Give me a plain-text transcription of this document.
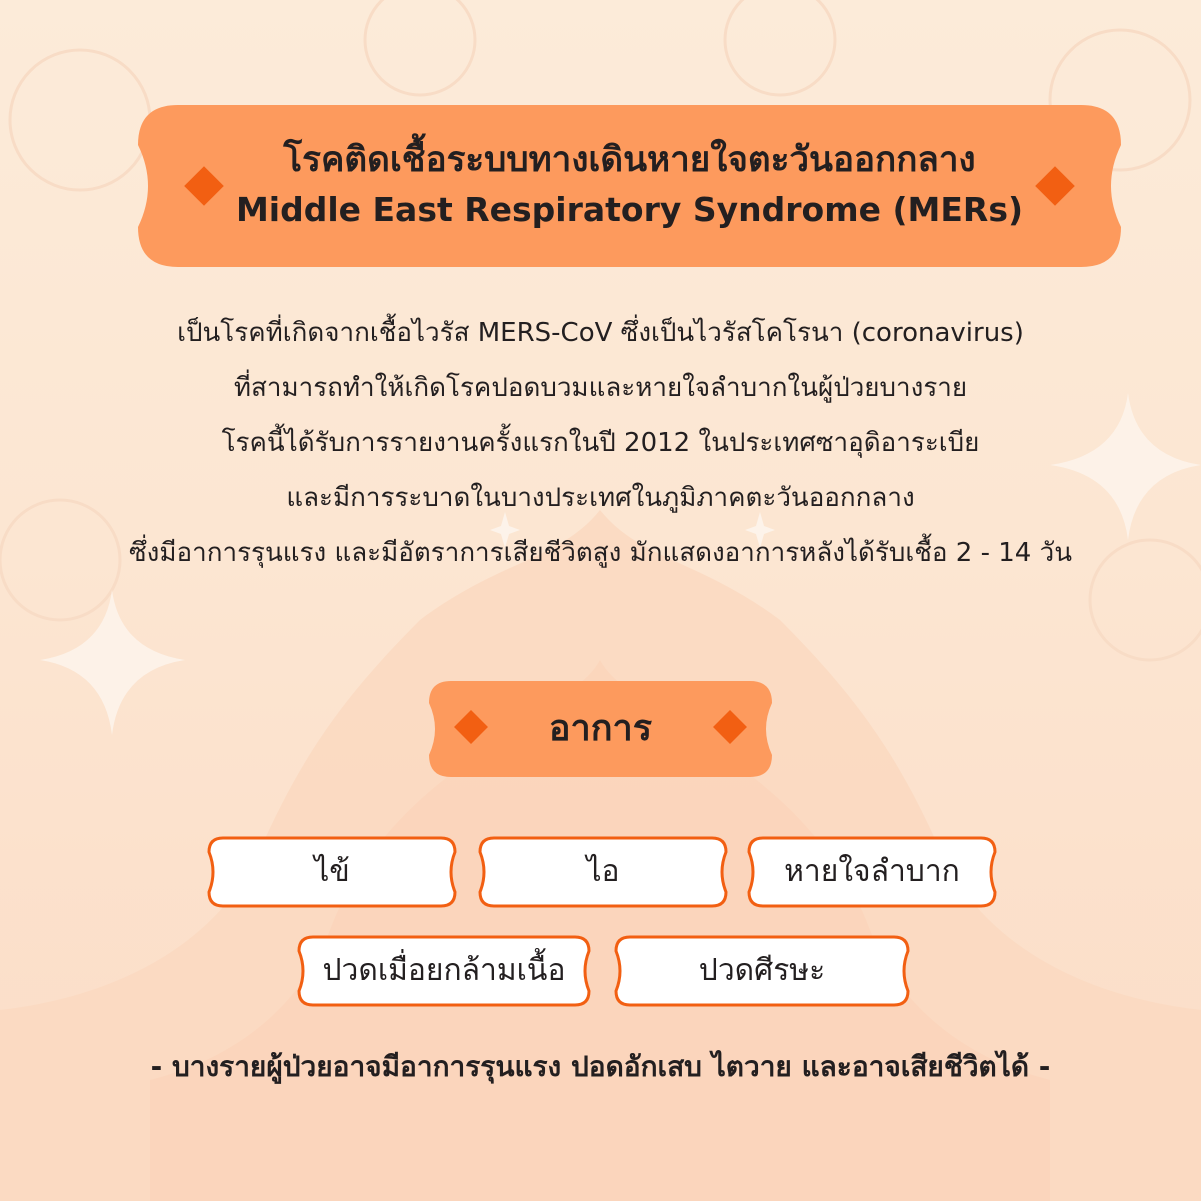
โรคติดเชื้อระบบทางเดินหายใจตะวันออกกลาง
Middle East Respiratory Syndrome (MERs)
เป็นโรคที่เกิดจากเชื้อไวรัส MERS-CoV ซึ่งเป็นไวรัสโคโรนา (coronavirus)
ที่สามารถทำให้เกิดโรคปอดบวมและหายใจลำบากในผู้ป่วยบางราย
โรคนี้ได้รับการรายงานครั้งแรกในปี 2012 ในประเทศซาอุดิอาระเบีย
และมีการระบาดในบางประเทศในภูมิภาคตะวันออกกลาง
ซึ่งมีอาการรุนแรง และมีอัตราการเสียชีวิตสูง มักแสดงอาการหลังได้รับเชื้อ 2 - 14 วัน
อาการ
ไข้	ไอ	หายใจลำบาก
ปวดเมื่อยกล้ามเนื้อ	ปวดศีรษะ
- บางรายผู้ป่วยอาจมีอาการรุนแรง ปอดอักเสบ ไตวาย และอาจเสียชีวิตได้ -
